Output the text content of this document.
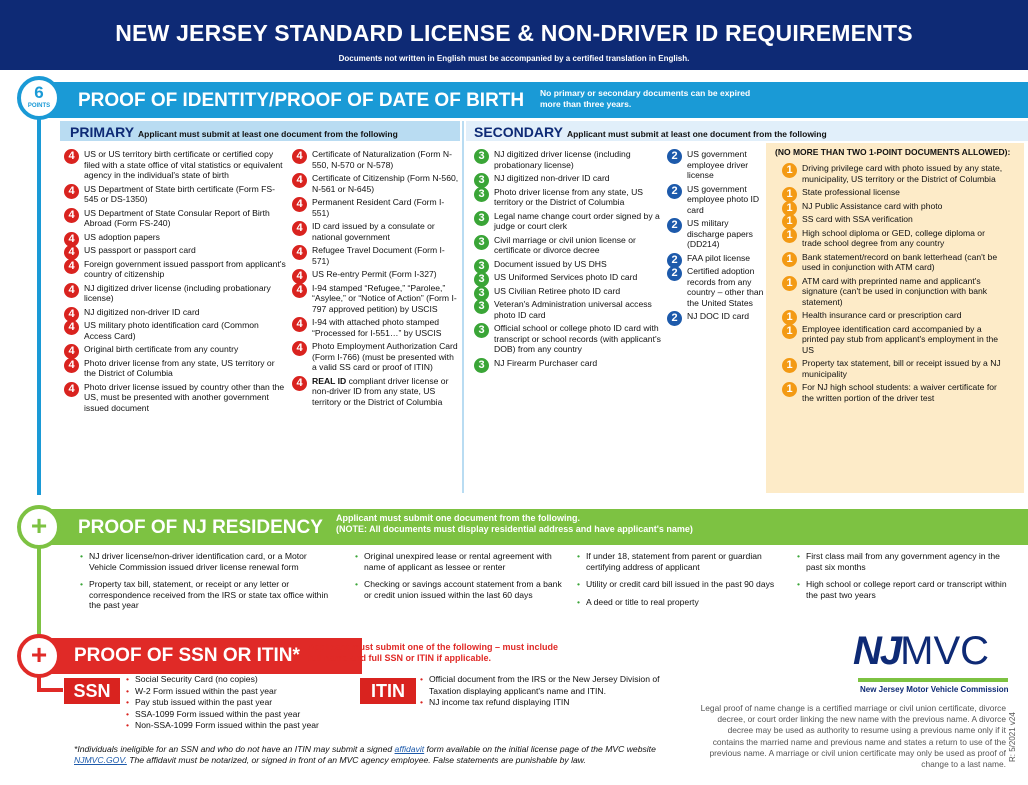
NEW JERSEY STANDARD LICENSE & NON-DRIVER ID REQUIREMENTS
Documents not written in English must be accompanied by a certified translation in English.
6
POINTS	PROOF OF IDENTITY/PROOF OF DATE OF BIRTH No primary or secondary documents can be expired more than three years.
PRIMARY Applicant must submit at least one document from the following	SECONDARY Applicant must submit at least one document from the following
4	US or US territory birth certificate or certified copy filed with a state office of vital statistics or equivalent agency in the individual's state of birth
4	US Department of State birth certificate (Form FS-545 or DS-1350)
4	US Department of State Consular Report of Birth Abroad (Form FS-240)
4	US adoption papers
4	US passport or passport card
4	Foreign government issued passport from applicant's country of citizenship
4	NJ digitized driver license (including probationary license)
4	NJ digitized non-driver ID card
4	US military photo identification card (Common Access Card)
4	Original birth certificate from any country
4	Photo driver license from any state, US territory or the District of Columbia
4	Photo driver license issued by country other than the US, must be presented with another government issued document
4	Certificate of Naturalization (Form N-550, N-570 or N-578)
4	Certificate of Citizenship (Form N-560, N-561 or N-645)
4	Permanent Resident Card (Form I-551)
4	ID card issued by a consulate or national government
4	Refugee Travel Document (Form I-571)
4	US Re-entry Permit (Form I-327)
4	I-94 stamped “Refugee,” “Parolee,” “Asylee,” or “Notice of Action” (Form I-797 approved petition) by USCIS
4	I-94 with attached photo stamped “Processed for I-551…” by USCIS
4	Photo Employment Authorization Card (Form I-766) (must be presented with a valid SS card or proof of ITIN)
4	REAL ID compliant driver license or non-driver ID from any state, US territory or the District of Columbia
3	NJ digitized driver license (including probationary license)
3	NJ digitized non-driver ID card
3	Photo driver license from any state, US territory or the District of Columbia
3	Legal name change court order signed by a judge or court clerk
3	Civil marriage or civil union license or certificate or divorce decree
3	Document issued by US DHS
3	US Uniformed Services photo ID card
3	US Civilian Retiree photo ID card
3	Veteran's Administration universal access photo ID card
3	Official school or college photo ID card with transcript or school records (with applicant's DOB) from any country
3	NJ Firearm Purchaser card
2	US government employee driver license
2	US government employee photo ID card
2	US military discharge papers (DD214)
2	FAA pilot license
2	Certified adoption records from any country – other than the United States
2	NJ DOC ID card
(NO MORE THAN TWO 1-POINT DOCUMENTS ALLOWED):
1	Driving privilege card with photo issued by any state, municipality, US territory or the District of Columbia
1	State professional license
1	NJ Public Assistance card with photo
1	SS card with SSA verification
1	High school diploma or GED, college diploma or trade school degree from any country
1	Bank statement/record on bank letterhead (can't be used in conjunction with ATM card)
1	ATM card with preprinted name and applicant's signature (can't be used in conjunction with bank statement)
1	Health insurance card or prescription card
1	Employee identification card accompanied by a printed pay stub from applicant's employment in the US
1	Property tax statement, bill or receipt issued by a NJ municipality
1	For NJ high school students: a waiver certificate for the written portion of the driver test
+	PROOF OF NJ RESIDENCY Applicant must submit one document from the following.
(NOTE: All documents must display residential address and have applicant's name)
• NJ driver license/non-driver identification card, or a Motor Vehicle Commission issued driver license renewal form
• Property tax bill, statement, or receipt or any letter or correspondence received from the IRS or state tax office within the past year
• Original unexpired lease or rental agreement with name of applicant as lessee or renter
• Checking or savings account statement from a bank or credit union issued within the last 60 days
• If under 18, statement from parent or guardian certifying address of applicant
• Utility or credit card bill issued in the past 90 days
• A deed or title to real property
• First class mail from any government agency in the past six months
• High school or college report card or transcript within the past two years
+	PROOF OF SSN OR ITIN* Applicant must submit one of the following – must include
full name and full SSN or ITIN if applicable.
SSN
• Social Security Card (no copies)
• W-2 Form issued within the past year
• Pay stub issued within the past year
• SSA-1099 Form issued within the past year
• Non-SSA-1099 Form issued within the past year
ITIN
• Official document from the IRS or the New Jersey Division of Taxation displaying applicant's name and ITIN.
• NJ income tax refund displaying ITIN
*Individuals ineligible for an SSN and who do not have an ITIN may submit a signed affidavit form available on the initial license page of the MVC website NJMVC.GOV. The affidavit must be notarized, or signed in front of an MVC agency employee. False statements are punishable by law.
NJMVC
New Jersey Motor Vehicle Commission
Legal proof of name change is a certified marriage or civil union certificate, divorce decree, or court order linking the new name with the previous name. A divorce decree may be used as authority to resume using a previous name only if it contains the married name and previous name and states a return to use of the previous name. A marriage or civil union certificate may only be used as proof of change to a last name.
R: 5/2021 v24
